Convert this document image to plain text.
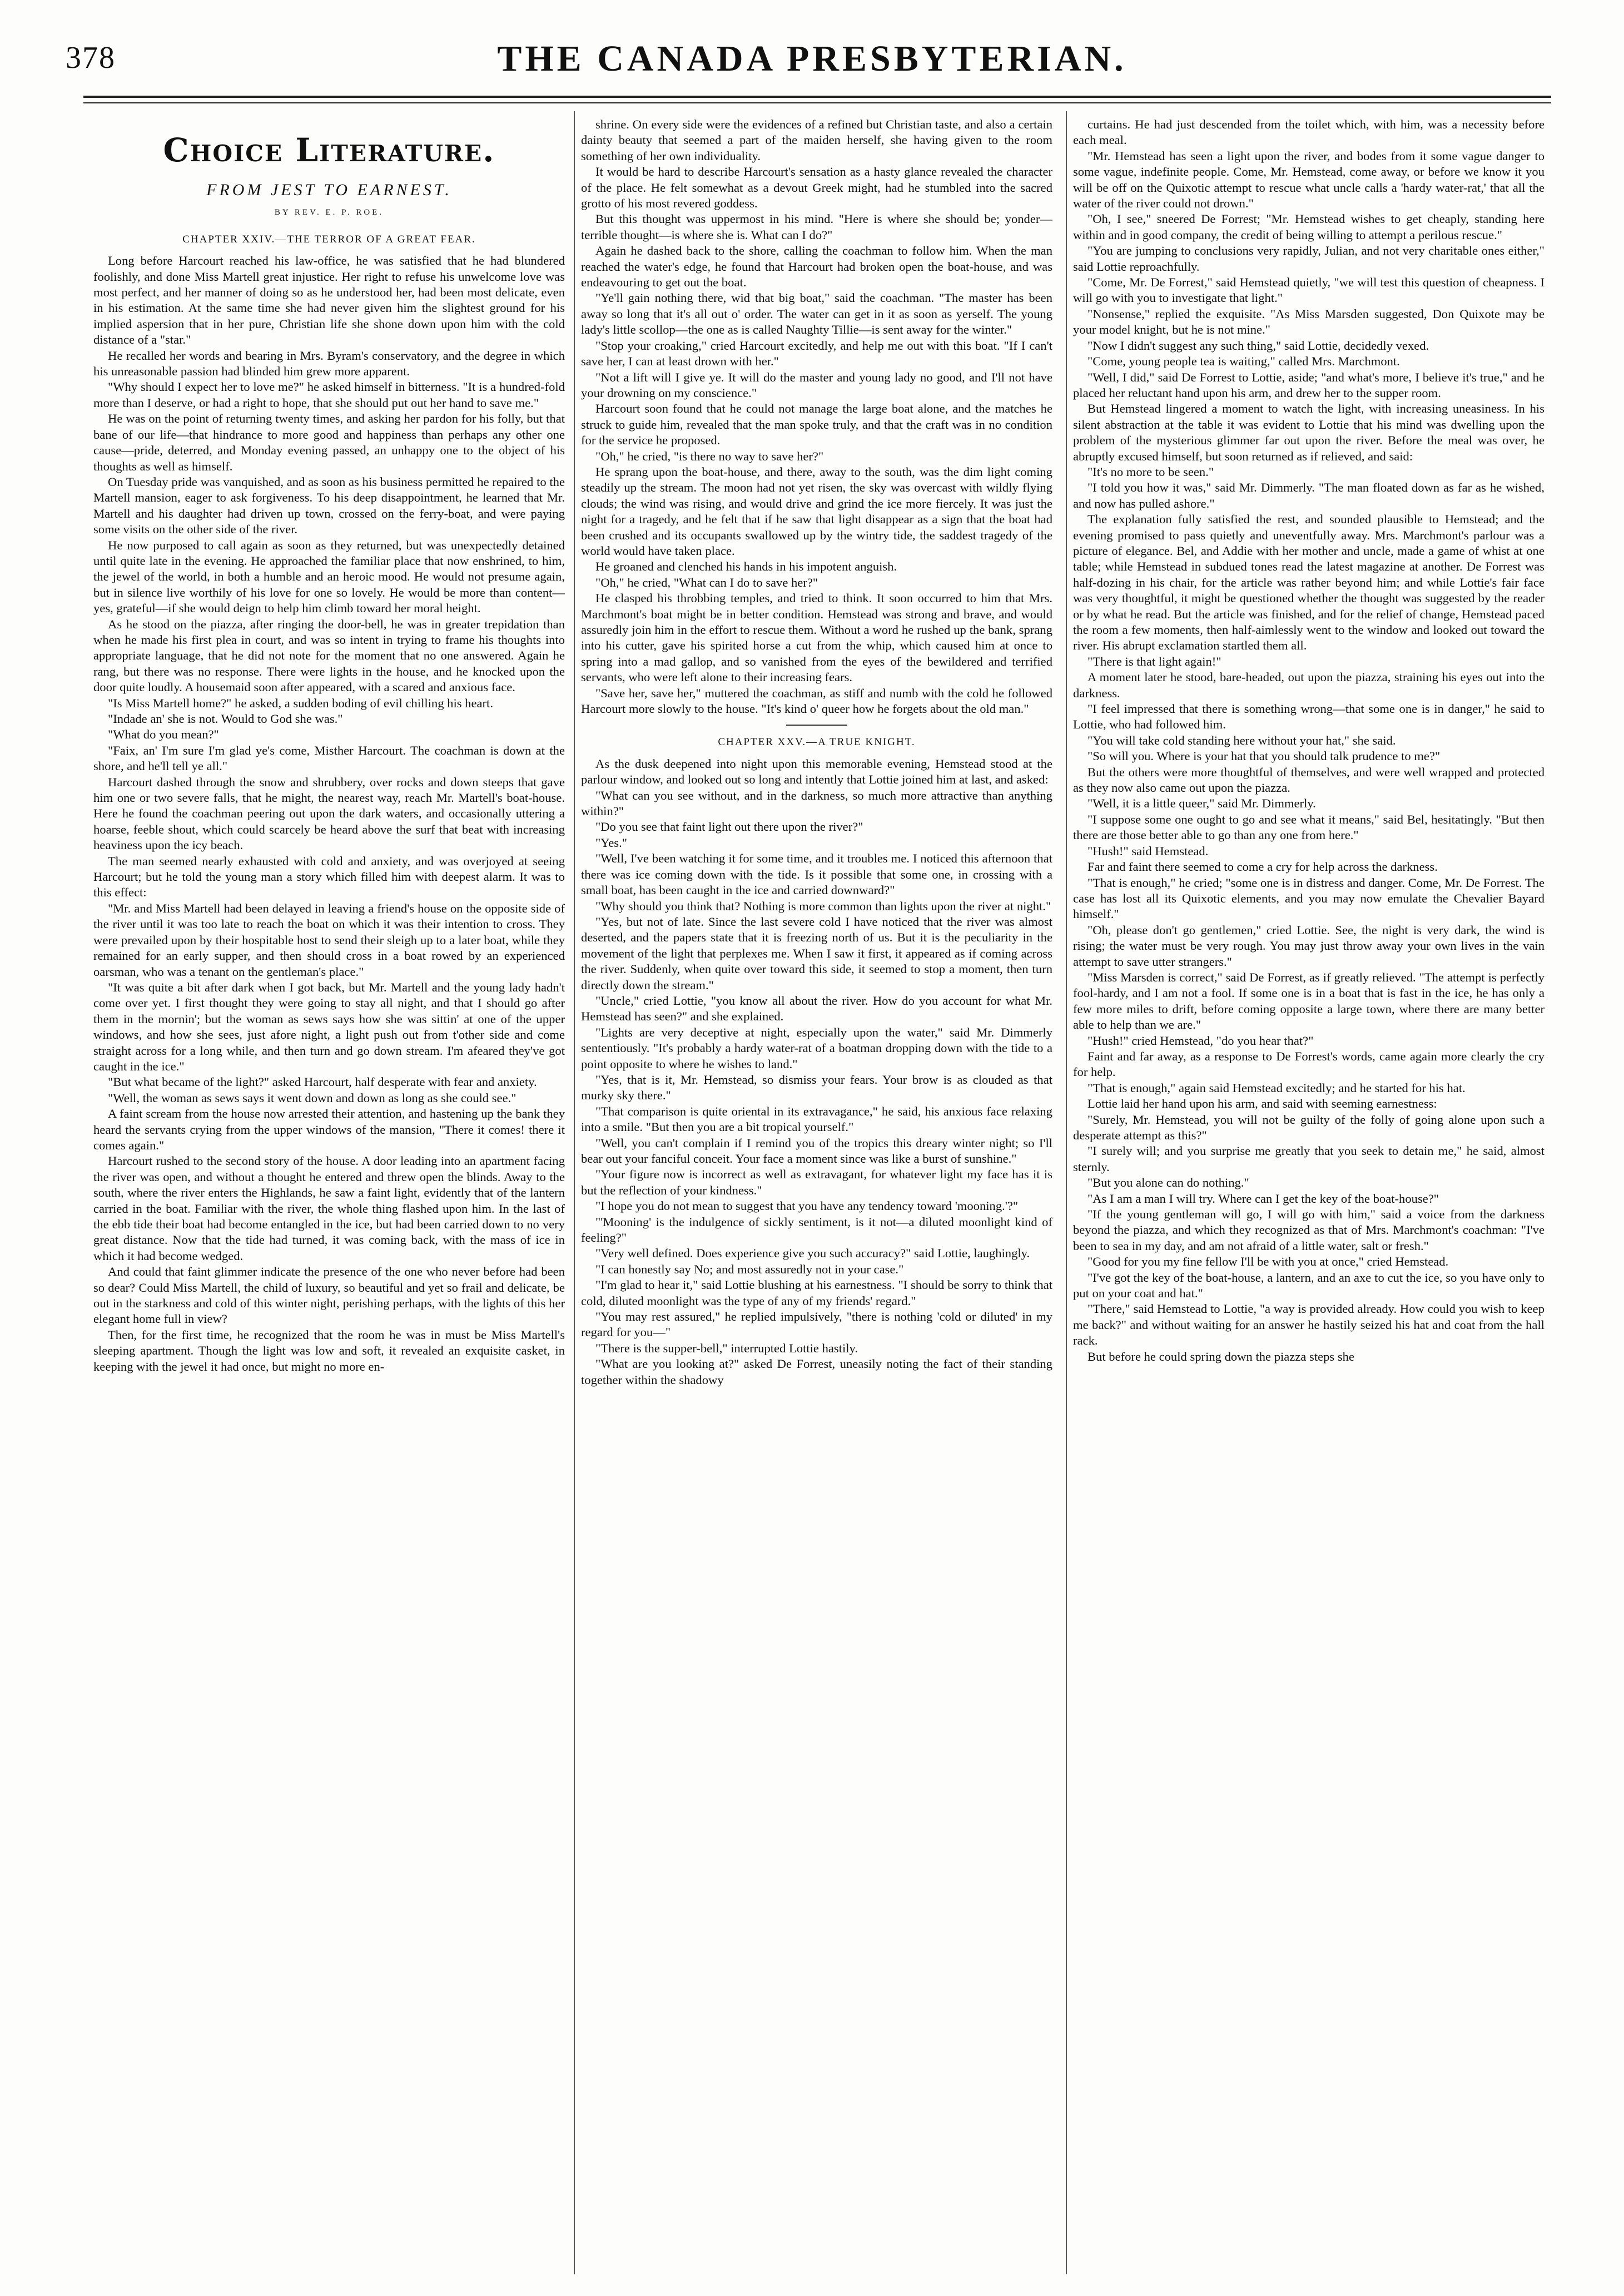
378	THE CANADA PRESBYTERIAN.
Choice Literature.
FROM JEST TO EARNEST.
BY REV. E. P. ROE.
CHAPTER XXIV.—THE TERROR OF A GREAT FEAR.

Long before Harcourt reached his law-office, he was satisfied that he had blundered foolishly, and done Miss Martell great injustice. Her right to refuse his unwelcome love was most perfect, and her manner of doing so as he understood her, had been most delicate, even in his estimation. At the same time she had never given him the slightest ground for his implied aspersion that in her pure, Christian life she shone down upon him with the cold distance of a "star."

He recalled her words and bearing in Mrs. Byram's conservatory, and the degree in which his unreasonable passion had blinded him grew more apparent.

"Why should I expect her to love me?" he asked himself in bitterness. "It is a hundred-fold more than I deserve, or had a right to hope, that she should put out her hand to save me."

He was on the point of returning twenty times, and asking her pardon for his folly, but that bane of our life—that hindrance to more good and happiness than perhaps any other one cause—pride, deterred, and Monday evening passed, an unhappy one to the object of his thoughts as well as himself.

On Tuesday pride was vanquished, and as soon as his business permitted he repaired to the Martell mansion, eager to ask forgiveness. To his deep disappointment, he learned that Mr. Martell and his daughter had driven up town, crossed on the ferry-boat, and were paying some visits on the other side of the river.

He now purposed to call again as soon as they returned, but was unexpectedly detained until quite late in the evening. He approached the familiar place that now enshrined, to him, the jewel of the world, in both a humble and an heroic mood. He would not presume again, but in silence live worthily of his love for one so lovely. He would be more than content—yes, grateful—if she would deign to help him climb toward her moral height.

As he stood on the piazza, after ringing the door-bell, he was in greater trepidation than when he made his first plea in court, and was so intent in trying to frame his thoughts into appropriate language, that he did not note for the moment that no one answered. Again he rang, but there was no response. There were lights in the house, and he knocked upon the door quite loudly. A housemaid soon after appeared, with a scared and anxious face.

"Is Miss Martell home?" he asked, a sudden boding of evil chilling his heart.

"Indade an' she is not. Would to God she was."

"What do you mean?"

"Faix, an' I'm sure I'm glad ye's come, Misther Harcourt. The coachman is down at the shore, and he'll tell ye all."

Harcourt dashed through the snow and shrubbery, over rocks and down steeps that gave him one or two severe falls, that he might, the nearest way, reach Mr. Martell's boat-house. Here he found the coachman peering out upon the dark waters, and occasionally uttering a hoarse, feeble shout, which could scarcely be heard above the surf that beat with increasing heaviness upon the icy beach.

The man seemed nearly exhausted with cold and anxiety, and was overjoyed at seeing Harcourt; but he told the young man a story which filled him with deepest alarm. It was to this effect:

"Mr. and Miss Martell had been delayed in leaving a friend's house on the opposite side of the river until it was too late to reach the boat on which it was their intention to cross. They were prevailed upon by their hospitable host to send their sleigh up to a later boat, while they remained for an early supper, and then should cross in a boat rowed by an experienced oarsman, who was a tenant on the gentleman's place."

"It was quite a bit after dark when I got back, but Mr. Martell and the young lady hadn't come over yet. I first thought they were going to stay all night, and that I should go after them in the mornin'; but the woman as sews says how she was sittin' at one of the upper windows, and how she sees, just afore night, a light push out from t'other side and come straight across for a long while, and then turn and go down stream. I'm afeared they've got caught in the ice."

"But what became of the light?" asked Harcourt, half desperate with fear and anxiety.

"Well, the woman as sews says it went down and down as long as she could see."

A faint scream from the house now arrested their attention, and hastening up the bank they heard the servants crying from the upper windows of the mansion, "There it comes! there it comes again."

Harcourt rushed to the second story of the house. A door leading into an apartment facing the river was open, and without a thought he entered and threw open the blinds. Away to the south, where the river enters the Highlands, he saw a faint light, evidently that of the lantern carried in the boat. Familiar with the river, the whole thing flashed upon him. In the last of the ebb tide their boat had become entangled in the ice, but had been carried down to no very great distance. Now that the tide had turned, it was coming back, with the mass of ice in which it had become wedged.

And could that faint glimmer indicate the presence of the one who never before had been so dear? Could Miss Martell, the child of luxury, so beautiful and yet so frail and delicate, be out in the starkness and cold of this winter night, perishing perhaps, with the lights of this her elegant home full in view?

Then, for the first time, he recognized that the room he was in must be Miss Martell's sleeping apartment. Though the light was low and soft, it revealed an exquisite casket, in keeping with the jewel it had once, but might no more en-

shrine. On every side were the evidences of a refined but Christian taste, and also a certain dainty beauty that seemed a part of the maiden herself, she having given to the room something of her own individuality.

It would be hard to describe Harcourt's sensation as a hasty glance revealed the character of the place. He felt somewhat as a devout Greek might, had he stumbled into the sacred grotto of his most revered goddess.

But this thought was uppermost in his mind. "Here is where she should be; yonder—terrible thought—is where she is. What can I do?"

Again he dashed back to the shore, calling the coachman to follow him. When the man reached the water's edge, he found that Harcourt had broken open the boat-house, and was endeavouring to get out the boat.

"Ye'll gain nothing there, wid that big boat," said the coachman. "The master has been away so long that it's all out o' order. The water can get in it as soon as yerself. The young lady's little scollop—the one as is called Naughty Tillie—is sent away for the winter."

"Stop your croaking," cried Harcourt excitedly, and help me out with this boat. "If I can't save her, I can at least drown with her."

"Not a lift will I give ye. It will do the master and young lady no good, and I'll not have your drowning on my conscience."

Harcourt soon found that he could not manage the large boat alone, and the matches he struck to guide him, revealed that the man spoke truly, and that the craft was in no condition for the service he proposed.

"Oh," he cried, "is there no way to save her?"

He sprang upon the boat-house, and there, away to the south, was the dim light coming steadily up the stream. The moon had not yet risen, the sky was overcast with wildly flying clouds; the wind was rising, and would drive and grind the ice more fiercely. It was just the night for a tragedy, and he felt that if he saw that light disappear as a sign that the boat had been crushed and its occupants swallowed up by the wintry tide, the saddest tragedy of the world would have taken place.

He groaned and clenched his hands in his impotent anguish.

"Oh," he cried, "What can I do to save her?"

He clasped his throbbing temples, and tried to think. It soon occurred to him that Mrs. Marchmont's boat might be in better condition. Hemstead was strong and brave, and would assuredly join him in the effort to rescue them. Without a word he rushed up the bank, sprang into his cutter, gave his spirited horse a cut from the whip, which caused him at once to spring into a mad gallop, and so vanished from the eyes of the bewildered and terrified servants, who were left alone to their increasing fears.

"Save her, save her," muttered the coachman, as stiff and numb with the cold he followed Harcourt more slowly to the house. "It's kind o' queer how he forgets about the old man."

CHAPTER XXV.—A TRUE KNIGHT.

As the dusk deepened into night upon this memorable evening, Hemstead stood at the parlour window, and looked out so long and intently that Lottie joined him at last, and asked:

"What can you see without, and in the darkness, so much more attractive than anything within?"

"Do you see that faint light out there upon the river?"

"Yes."

"Well, I've been watching it for some time, and it troubles me. I noticed this afternoon that there was ice coming down with the tide. Is it possible that some one, in crossing with a small boat, has been caught in the ice and carried downward?"

"Why should you think that? Nothing is more common than lights upon the river at night."

"Yes, but not of late. Since the last severe cold I have noticed that the river was almost deserted, and the papers state that it is freezing north of us. But it is the peculiarity in the movement of the light that perplexes me. When I saw it first, it appeared as if coming across the river. Suddenly, when quite over toward this side, it seemed to stop a moment, then turn directly down the stream."

"Uncle," cried Lottie, "you know all about the river. How do you account for what Mr. Hemstead has seen?" and she explained.

"Lights are very deceptive at night, especially upon the water," said Mr. Dimmerly sententiously. "It's probably a hardy water-rat of a boatman dropping down with the tide to a point opposite to where he wishes to land."

"Yes, that is it, Mr. Hemstead, so dismiss your fears. Your brow is as clouded as that murky sky there."

"That comparison is quite oriental in its extravagance," he said, his anxious face relaxing into a smile. "But then you are a bit tropical yourself."

"Well, you can't complain if I remind you of the tropics this dreary winter night; so I'll bear out your fanciful conceit. Your face a moment since was like a burst of sunshine."

"Your figure now is incorrect as well as extravagant, for whatever light my face has it is but the reflection of your kindness."

"I hope you do not mean to suggest that you have any tendency toward 'mooning.'?"

"'Mooning' is the indulgence of sickly sentiment, is it not—a diluted moonlight kind of feeling?"

"Very well defined. Does experience give you such accuracy?" said Lottie, laughingly.

"I can honestly say No; and most assuredly not in your case."

"I'm glad to hear it," said Lottie blushing at his earnestness. "I should be sorry to think that cold, diluted moonlight was the type of any of my friends' regard."

"You may rest assured," he replied impulsively, "there is nothing 'cold or diluted' in my regard for you—"

"There is the supper-bell," interrupted Lottie hastily.

"What are you looking at?" asked De Forrest, uneasily noting the fact of their standing together within the shadowy

curtains. He had just descended from the toilet which, with him, was a necessity before each meal.

"Mr. Hemstead has seen a light upon the river, and bodes from it some vague danger to some vague, indefinite people. Come, Mr. Hemstead, come away, or before we know it you will be off on the Quixotic attempt to rescue what uncle calls a 'hardy water-rat,' that all the water of the river could not drown."

"Oh, I see," sneered De Forrest; "Mr. Hemstead wishes to get cheaply, standing here within and in good company, the credit of being willing to attempt a perilous rescue."

"You are jumping to conclusions very rapidly, Julian, and not very charitable ones either," said Lottie reproachfully.

"Come, Mr. De Forrest," said Hemstead quietly, "we will test this question of cheapness. I will go with you to investigate that light."

"Nonsense," replied the exquisite. "As Miss Marsden suggested, Don Quixote may be your model knight, but he is not mine."

"Now I didn't suggest any such thing," said Lottie, decidedly vexed.

"Come, young people tea is waiting," called Mrs. Marchmont.

"Well, I did," said De Forrest to Lottie, aside; "and what's more, I believe it's true," and he placed her reluctant hand upon his arm, and drew her to the supper room.

But Hemstead lingered a moment to watch the light, with increasing uneasiness. In his silent abstraction at the table it was evident to Lottie that his mind was dwelling upon the problem of the mysterious glimmer far out upon the river. Before the meal was over, he abruptly excused himself, but soon returned as if relieved, and said:

"It's no more to be seen."

"I told you how it was," said Mr. Dimmerly. "The man floated down as far as he wished, and now has pulled ashore."

The explanation fully satisfied the rest, and sounded plausible to Hemstead; and the evening promised to pass quietly and uneventfully away. Mrs. Marchmont's parlour was a picture of elegance. Bel, and Addie with her mother and uncle, made a game of whist at one table; while Hemstead in subdued tones read the latest magazine at another. De Forrest was half-dozing in his chair, for the article was rather beyond him; and while Lottie's fair face was very thoughtful, it might be questioned whether the thought was suggested by the reader or by what he read. But the article was finished, and for the relief of change, Hemstead paced the room a few moments, then half-aimlessly went to the window and looked out toward the river. His abrupt exclamation startled them all.

"There is that light again!"

A moment later he stood, bare-headed, out upon the piazza, straining his eyes out into the darkness.

"I feel impressed that there is something wrong—that some one is in danger," he said to Lottie, who had followed him.

"You will take cold standing here without your hat," she said.

"So will you. Where is your hat that you should talk prudence to me?"

But the others were more thoughtful of themselves, and were well wrapped and protected as they now also came out upon the piazza.

"Well, it is a little queer," said Mr. Dimmerly.

"I suppose some one ought to go and see what it means," said Bel, hesitatingly. "But then there are those better able to go than any one from here."

"Hush!" said Hemstead.

Far and faint there seemed to come a cry for help across the darkness.

"That is enough," he cried; "some one is in distress and danger. Come, Mr. De Forrest. The case has lost all its Quixotic elements, and you may now emulate the Chevalier Bayard himself."

"Oh, please don't go gentlemen," cried Lottie. See, the night is very dark, the wind is rising; the water must be very rough. You may just throw away your own lives in the vain attempt to save utter strangers."

"Miss Marsden is correct," said De Forrest, as if greatly relieved. "The attempt is perfectly fool-hardy, and I am not a fool. If some one is in a boat that is fast in the ice, he has only a few more miles to drift, before coming opposite a large town, where there are many better able to help than we are."

"Hush!" cried Hemstead, "do you hear that?"

Faint and far away, as a response to De Forrest's words, came again more clearly the cry for help.

"That is enough," again said Hemstead excitedly; and he started for his hat.

Lottie laid her hand upon his arm, and said with seeming earnestness:

"Surely, Mr. Hemstead, you will not be guilty of the folly of going alone upon such a desperate attempt as this?"

"I surely will; and you surprise me greatly that you seek to detain me," he said, almost sternly.

"But you alone can do nothing."

"As I am a man I will try. Where can I get the key of the boat-house?"

"If the young gentleman will go, I will go with him," said a voice from the darkness beyond the piazza, and which they recognized as that of Mrs. Marchmont's coachman: "I've been to sea in my day, and am not afraid of a little water, salt or fresh."

"Good for you my fine fellow I'll be with you at once," cried Hemstead.

"I've got the key of the boat-house, a lantern, and an axe to cut the ice, so you have only to put on your coat and hat."

"There," said Hemstead to Lottie, "a way is provided already. How could you wish to keep me back?" and without waiting for an answer he hastily seized his hat and coat from the hall rack.

But before he could spring down the piazza steps she
